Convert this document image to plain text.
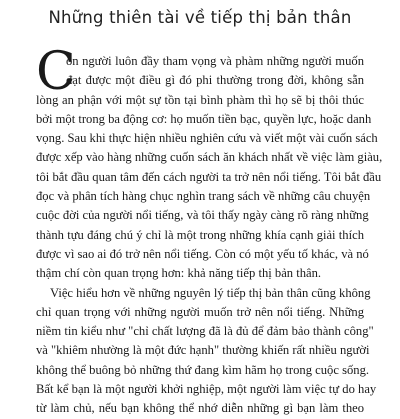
Những thiên tài về tiếp thị bản thân
C
on người luôn đầy tham vọng và phàm những người muốn
đạt được một điều gì đó phi thường trong đời, không sẵn
lòng an phận với một sự tồn tại bình phàm thì họ sẽ bị thôi thúc
bởi một trong ba động cơ: họ muốn tiền bạc, quyền lực, hoặc danh
vọng. Sau khi thực hiện nhiều nghiên cứu và viết một vài cuốn sách
được xếp vào hàng những cuốn sách ăn khách nhất về việc làm giàu,
tôi bắt đầu quan tâm đến cách người ta trở nên nổi tiếng. Tôi bắt đầu
đọc và phân tích hàng chục nghìn trang sách về những câu chuyện
cuộc đời của người nổi tiếng, và tôi thấy ngày càng rõ ràng những
thành tựu đáng chú ý chỉ là một trong những khía cạnh giải thích
được vì sao ai đó trở nên nổi tiếng. Còn có một yếu tố khác, và nó
thậm chí còn quan trọng hơn: khả năng tiếp thị bản thân.
Việc hiểu hơn về những nguyên lý tiếp thị bản thân cũng không
chỉ quan trọng với những người muốn trở nên nổi tiếng. Những
niềm tin kiểu như "chỉ chất lượng đã là đủ để đảm bảo thành công"
và "khiêm nhường là một đức hạnh" thường khiến rất nhiều người
không thể buông bỏ những thứ đang kìm hãm họ trong cuộc sống.
Bất kể bạn là một người khởi nghiệp, một người làm việc tự do hay
từ làm chủ, nếu bạn không thể nhớ diễn những gì bạn làm theo
